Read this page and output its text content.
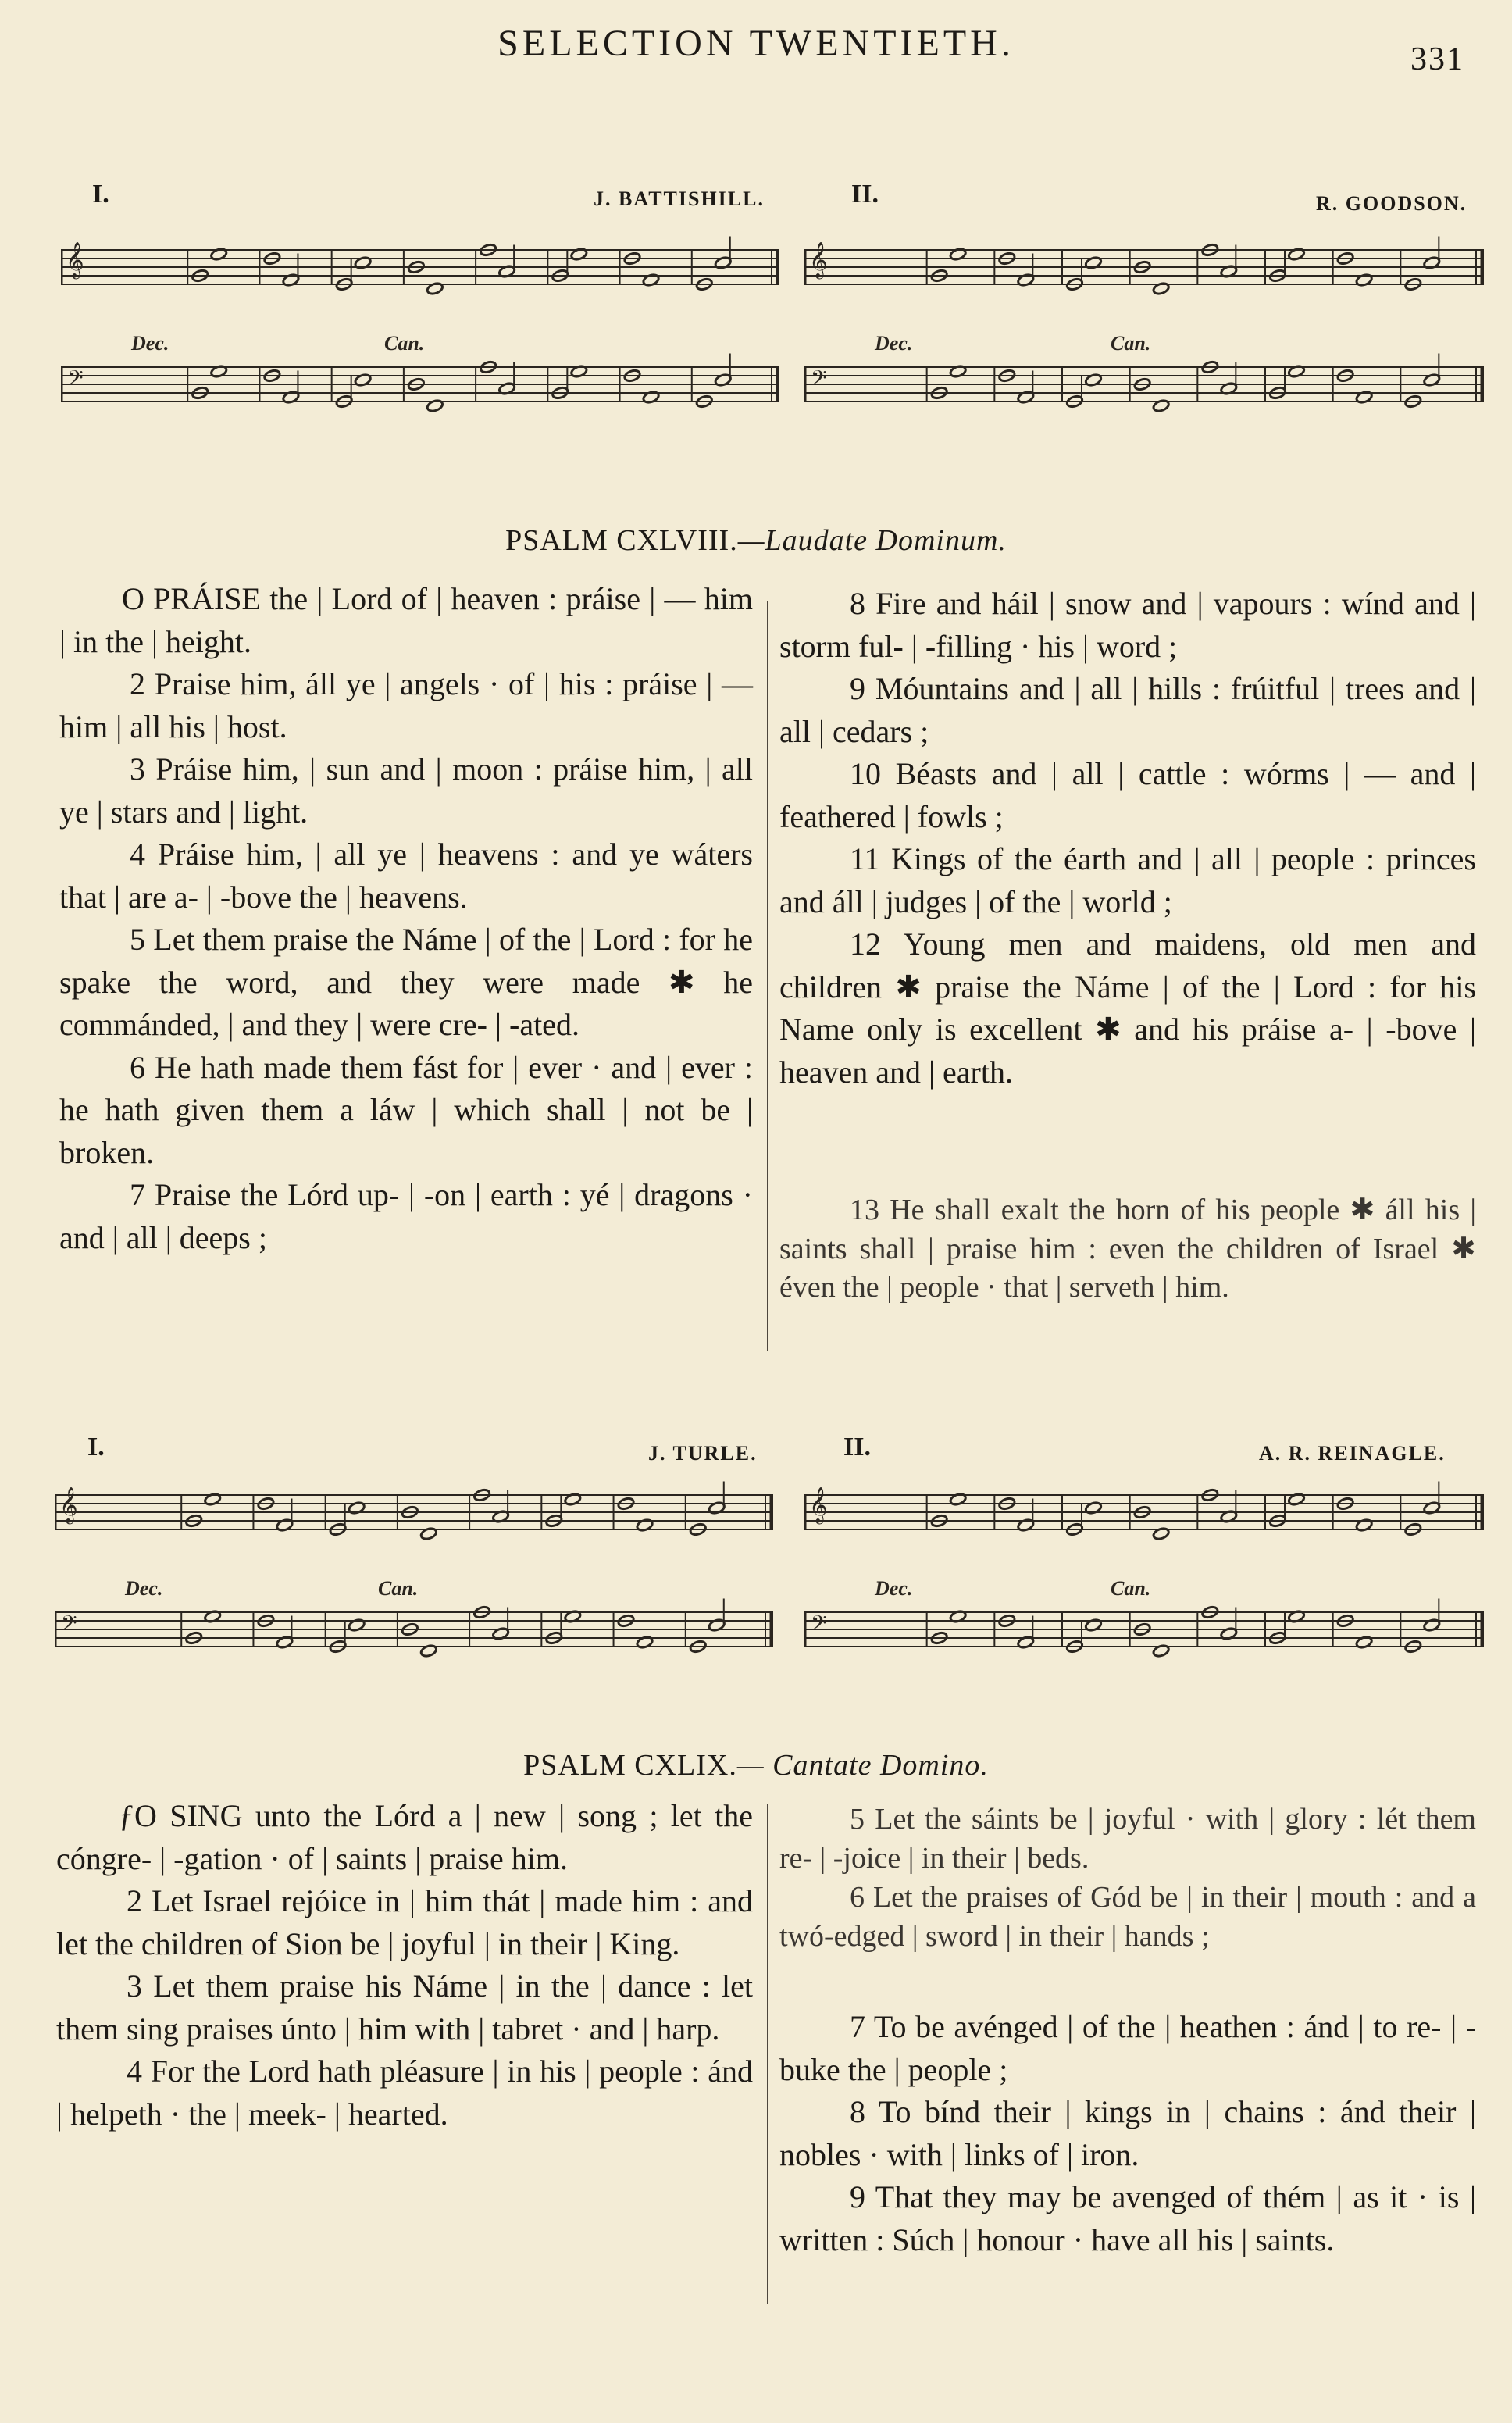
SELECTION TWENTIETH.	331
I.	J. BATTISHILL.	II.	R. GOODSON.
𝄞
𝄢
Dec.	Can.
𝄞
𝄢
Dec.	Can.
PSALM CXLVIII.—Laudate Dominum.

O PRÁISE the | Lord of | heaven : práise | — him | in the | height.

2 Praise him, áll ye | angels · of | his : práise | — him | all his | host.

3 Práise him, | sun and | moon : práise him, | all ye | stars and | light.

4 Práise him, | all ye | heavens : and ye wáters that | are a- | -bove the | heavens.

5 Let them praise the Náme | of the | Lord : for he spake the word, and they were made ✱ he commánded, | and they | were cre- | -ated.

6 He hath made them fást for | ever · and | ever : he hath given them a láw | which shall | not be | broken.

7 Praise the Lórd up- | -on | earth : yé | dragons · and | all | deeps ;

8 Fire and háil | snow and | vapours : wínd and | storm ful- | -filling · his | word ;

9 Móuntains and | all | hills : frúitful | trees and | all | cedars ;

10 Béasts and | all | cattle : wórms | — and | feathered | fowls ;

11 Kings of the éarth and | all | people : princes and áll | judges | of the | world ;

12 Young men and maidens, old men and children ✱ praise the Náme | of the | Lord : for his Name only is excellent ✱ and his práise a- | -bove | heaven and | earth.

13 He shall exalt the horn of his people ✱ áll his | saints shall | praise him : even the children of Israel ✱ éven the | people · that | serveth | him.

I.	J. TURLE.	II.	A. R. REINAGLE.
𝄞
𝄢
Dec.	Can.
𝄞
𝄢
Dec.	Can.
PSALM CXLIX.— Cantate Domino.

ƒO SING unto the Lórd a | new | song ; let the cóngre- | -gation · of | saints | praise him.

2 Let Israel rejóice in | him thát | made him : and let the children of Sion be | joyful | in their | King.

3 Let them praise his Náme | in the | dance : let them sing praises únto | him with | tabret · and | harp.

4 For the Lord hath pléasure | in his | people : ánd | helpeth · the | meek- | hearted.

5 Let the sáints be | joyful · with | glory : lét them re- | -joice | in their | beds.

6 Let the praises of Gód be | in their | mouth : and a twó-edged | sword | in their | hands ;

7 To be avénged | of the | heathen : ánd | to re- | -buke the | people ;

8 To bínd their | kings in | chains : ánd their | nobles · with | links of | iron.

9 That they may be avenged of thém | as it · is | written : Súch | honour · have all his | saints.
